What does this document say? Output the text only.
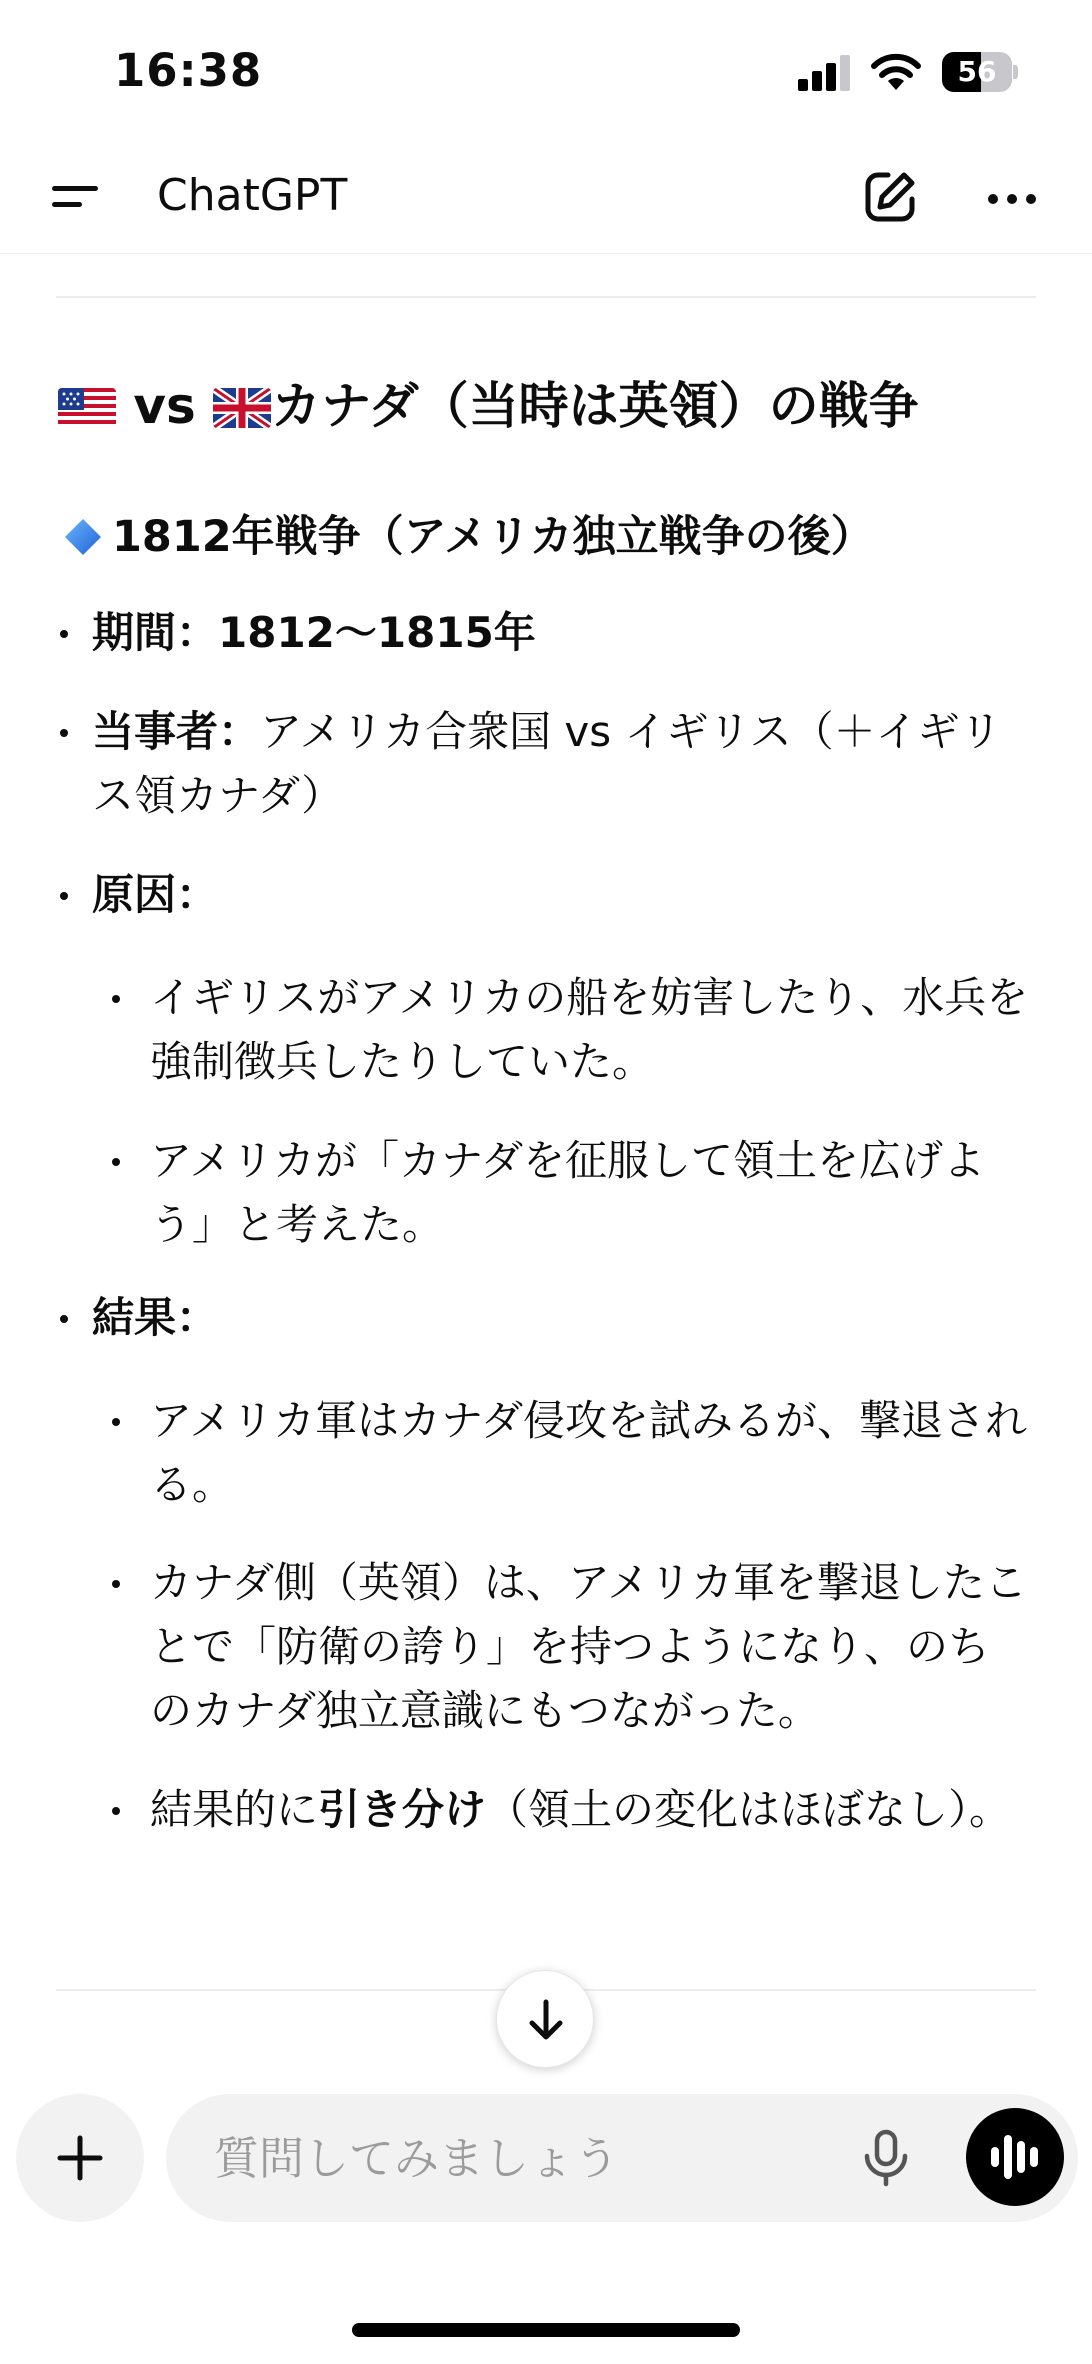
16:38	56
ChatGPT
vs カナダ（当時は英領）の戦争
1812年戦争（アメリカ独立戦争の後）
期間：1812〜1815年
当事者：アメリカ合衆国 vs イギリス（＋イギリス領カナダ）
原因：
イギリスがアメリカの船を妨害したり、水兵を強制徴兵したりしていた。
アメリカが「カナダを征服して領土を広げよう」と考えた。
結果：
アメリカ軍はカナダ侵攻を試みるが、撃退される。
カナダ側（英領）は、アメリカ軍を撃退したことで「防衛の誇り」を持つようになり、のちのカナダ独立意識にもつながった。
結果的に引き分け（領土の変化はほぼなし）。
質問してみましょう
